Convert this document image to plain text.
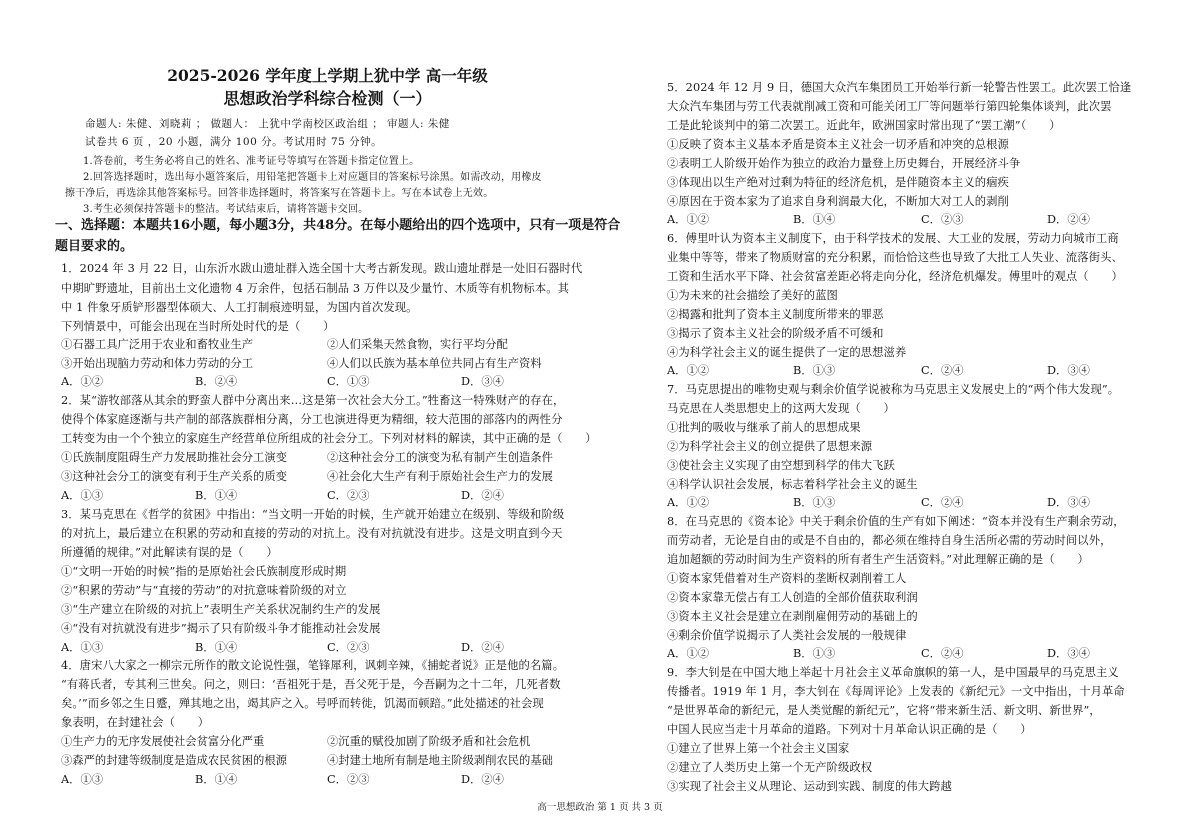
2025-2026 学年度上学期上犹中学 高一年级
思想政治学科综合检测（一）
命题人: 朱健、刘晓莉 ； 做题人： 上犹中学南校区政治组 ； 审题人: 朱健
试卷共 6 页 ，20 小题，满分 100 分。考试用时 75 分钟。
1.答卷前，考生务必将自己的姓名、准考证号等填写在答题卡指定位置上。
2.回答选择题时，选出每小题答案后，用铅笔把答题卡上对应题目的答案标号涂黑。如需改动，用橡皮
擦干净后，再选涂其他答案标号。回答非选择题时，将答案写在答题卡上。写在本试卷上无效。
3.考生必须保持答题卡的整洁。考试结束后，请将答题卡交回。
一、选择题：本题共16小题，每小题3分，共48分。在每小题给出的四个选项中，只有一项是符合
题目要求的。
1．2024 年 3 月 22 日，山东沂水跋山遗址群入选全国十大考古新发现。跋山遗址群是一处旧石器时代
中期旷野遗址，目前出土文化遗物 4 万余件，包括石制品 3 万件以及少量竹、木质等有机物标本。其
中 1 件象牙质铲形器型体硕大、人工打制痕迹明显，为国内首次发现。
下列情景中，可能会出现在当时所处时代的是（　　）
①石器工具广泛用于农业和畜牧业生产	②人们采集天然食物，实行平均分配
③开始出现脑力劳动和体力劳动的分工	④人们以氏族为基本单位共同占有生产资料
A．①②	B．②④	C．①③	D．③④
2．某“游牧部落从其余的野蛮人群中分离出来…这是第一次社会大分工。”牲畜这一特殊财产的存在，
使得个体家庭逐渐与共产制的部落族群相分离，分工也演进得更为精细，较大范围的部落内的两性分
工转变为由一个个独立的家庭生产经营单位所组成的社会分工。下列对材料的解读，其中正确的是（　　）
①氏族制度阻碍生产力发展助推社会分工演变	②这种社会分工的演变为私有制产生创造条件
③这种社会分工的演变有利于生产关系的质变	④社会化大生产有利于原始社会生产力的发展
A．①③	B．①④	C．②③	D．②④
3．某马克思在《哲学的贫困》中指出：“当文明一开始的时候，生产就开始建立在级别、等级和阶级
的对抗上，最后建立在积累的劳动和直接的劳动的对抗上。没有对抗就没有进步。这是文明直到今天
所遵循的规律。”对此解读有误的是（　　）
①“文明一开始的时候”指的是原始社会氏族制度形成时期
②“积累的劳动”与“直接的劳动”的对抗意味着阶级的对立
③“生产建立在阶级的对抗上”表明生产关系状况制约生产的发展
④“没有对抗就没有进步”揭示了只有阶级斗争才能推动社会发展
A．①③	B．①④	C．②③	D．②④
4．唐宋八大家之一柳宗元所作的散文论说性强，笔锋犀利，讽刺辛辣，《捕蛇者说》正是他的名篇。
“有蒋氏者，专其利三世矣。问之，则曰：‘吾祖死于是，吾父死于是，今吾嗣为之十二年，几死者数
矣。’”而乡邻之生日蹙，殚其地之出，竭其庐之入。号呼而转徙，饥渴而顿踣。”此处描述的社会现
象表明，在封建社会（　　）
①生产力的无序发展使社会贫富分化严重	②沉重的赋役加剧了阶级矛盾和社会危机
③森严的封建等级制度是造成农民贫困的根源	④封建土地所有制是地主阶级剥削农民的基础
A．①③	B．①④	C．②③	D．②④
5．2024 年 12 月 9 日，德国大众汽车集团员工开始举行新一轮警告性罢工。此次罢工恰逢
大众汽车集团与劳工代表就削减工资和可能关闭工厂等问题举行第四轮集体谈判，此次罢
工是此轮谈判中的第二次罢工。近此年，欧洲国家时常出现了“罢工潮”（　　）
①反映了资本主义基本矛盾是资本主义社会一切矛盾和冲突的总根源
②表明工人阶级开始作为独立的政治力量登上历史舞台，开展经济斗争
③体现出以生产绝对过剩为特征的经济危机，是伴随资本主义的痼疾
④原因在于资本家为了追求自身利润最大化，不断加大对工人的剥削
A．①②	B．①④	C．②③	D．②④
6．傅里叶认为资本主义制度下，由于科学技术的发展、大工业的发展，劳动力向城市工商
业集中等等，带来了物质财富的充分积累，而恰恰这些也导致了大批工人失业、流落街头、
工资和生活水平下降、社会贫富差距必将走向分化，经济危机爆发。傅里叶的观点（　　）
①为未来的社会描绘了美好的蓝图
②揭露和批判了资本主义制度所带来的罪恶
③揭示了资本主义社会的阶级矛盾不可缓和
④为科学社会主义的诞生提供了一定的思想滋养
A．①②	B．①③	C．②④	D．③④
7．马克思提出的唯物史观与剩余价值学说被称为马克思主义发展史上的“两个伟大发现”。
马克思在人类思想史上的这两大发现（　　）
①批判的吸收与继承了前人的思想成果
②为科学社会主义的创立提供了思想来源
③使社会主义实现了由空想到科学的伟大飞跃
④科学认识社会发展，标志着科学社会主义的诞生
A．①②	B．①③	C．②④	D．③④
8．在马克思的《资本论》中关于剩余价值的生产有如下阐述：“资本并没有生产剩余劳动，
而劳动者，无论是自由的或是不自由的，都必须在维持自身生活所必需的劳动时间以外，
追加超额的劳动时间为生产资料的所有者生产生活资料。”对此理解正确的是（　　）
①资本家凭借着对生产资料的垄断权剥削着工人
②资本家靠无偿占有工人创造的全部价值获取利润
③资本主义社会是建立在剥削雇佣劳动的基础上的
④剩余价值学说揭示了人类社会发展的一般规律
A．①②	B．①③	C．②④	D．③④
9．李大钊是在中国大地上举起十月社会主义革命旗帜的第一人，是中国最早的马克思主义
传播者。1919 年 1 月，李大钊在《每周评论》上发表的《新纪元》一文中指出，十月革命
“是世界革命的新纪元，是人类觉醒的新纪元”，它将“带来新生活、新文明、新世界”，
中国人民应当走十月革命的道路。下列对十月革命认识正确的是（　　）
①建立了世界上第一个社会主义国家
②建立了人类历史上第一个无产阶级政权
③实现了社会主义从理论、运动到实践、制度的伟大跨越
高一思想政治 第 1 页 共 3 页
